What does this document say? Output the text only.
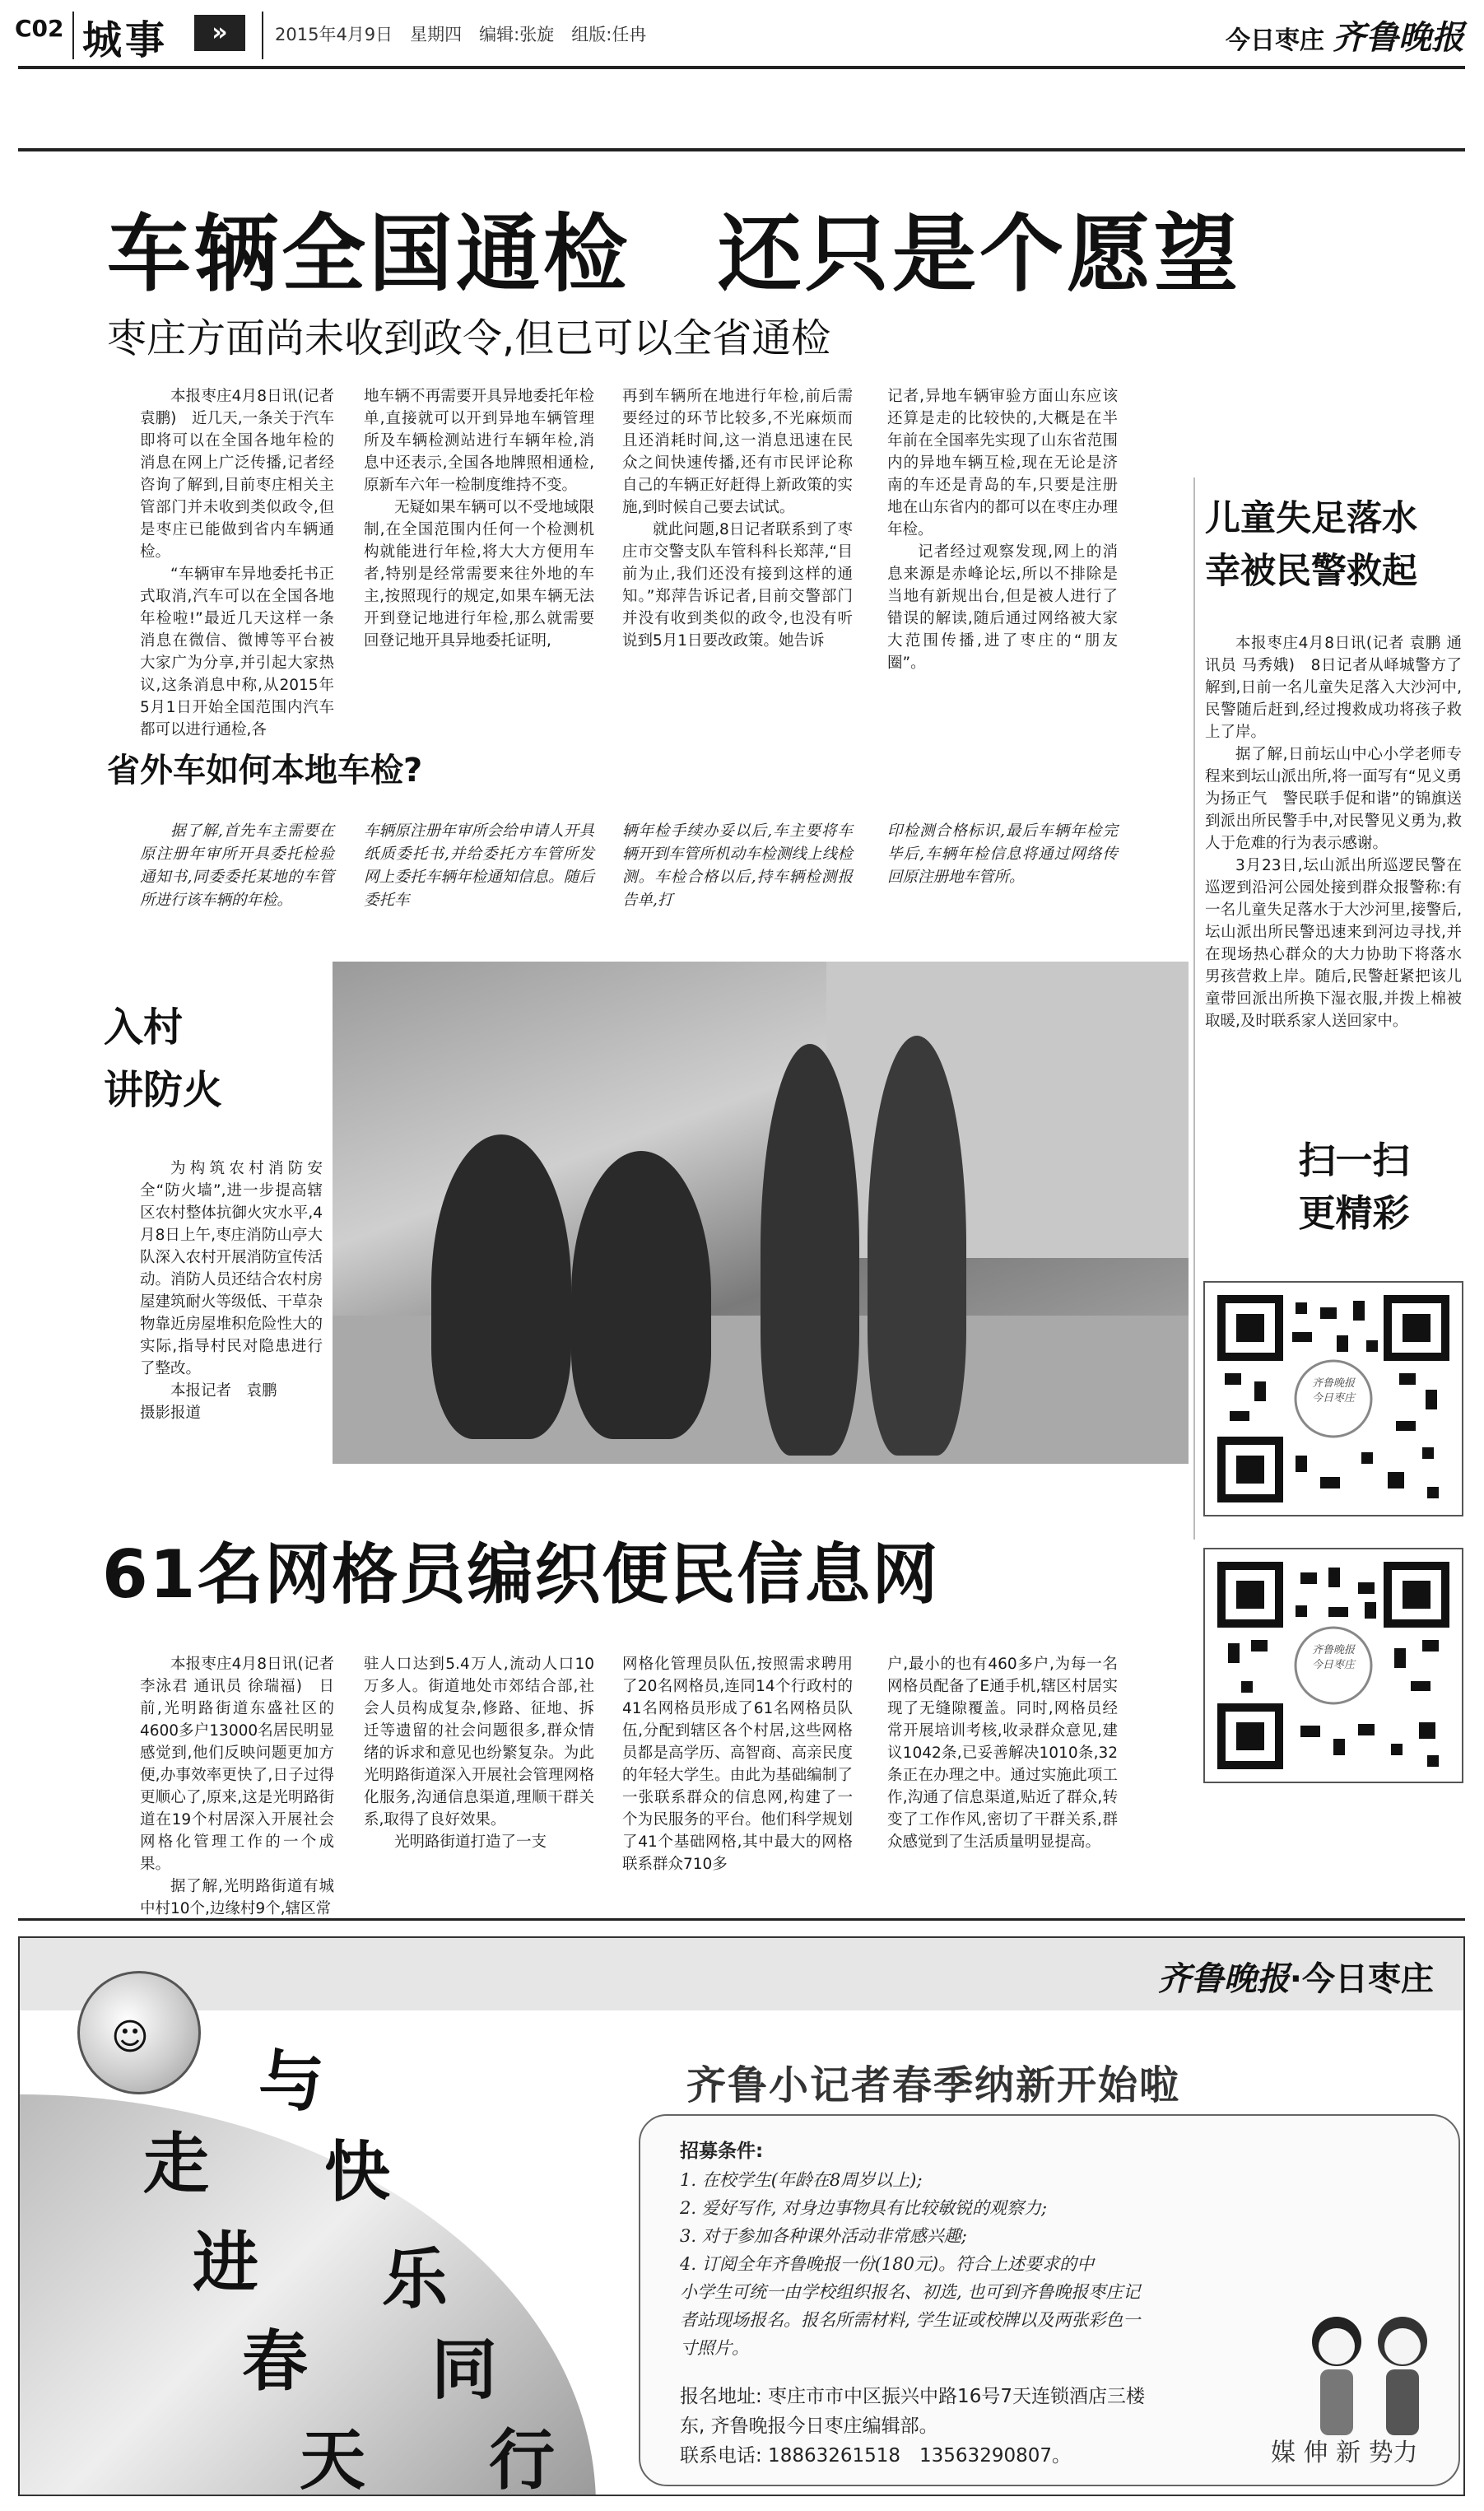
C02 城事	»	2015年4月9日　星期四　编辑:张旋　组版:任冉	今日枣庄 齐鲁晚报
车辆全国通检　还只是个愿望
枣庄方面尚未收到政令,但已可以全省通检

本报枣庄4月8日讯(记者 袁鹏)　近几天,一条关于汽车即将可以在全国各地年检的消息在网上广泛传播,记者经咨询了解到,目前枣庄相关主管部门并未收到类似政令,但是枣庄已能做到省内车辆通检。

“车辆审车异地委托书正式取消,汽车可以在全国各地年检啦!”最近几天这样一条消息在微信、微博等平台被大家广为分享,并引起大家热议,这条消息中称,从2015年5月1日开始全国范围内汽车都可以进行通检,各

地车辆不再需要开具异地委托年检单,直接就可以开到异地车辆管理所及车辆检测站进行车辆年检,消息中还表示,全国各地牌照相通检,原新车六年一检制度维持不变。

无疑如果车辆可以不受地域限制,在全国范围内任何一个检测机构就能进行年检,将大大方便用车者,特别是经常需要来往外地的车主,按照现行的规定,如果车辆无法开到登记地进行年检,那么就需要回登记地开具异地委托证明,

再到车辆所在地进行年检,前后需要经过的环节比较多,不光麻烦而且还消耗时间,这一消息迅速在民众之间快速传播,还有市民评论称自己的车辆正好赶得上新政策的实施,到时候自己要去试试。

就此问题,8日记者联系到了枣庄市交警支队车管科科长郑萍,“目前为止,我们还没有接到这样的通知。”郑萍告诉记者,目前交警部门并没有收到类似的政令,也没有听说到5月1日要改政策。她告诉

记者,异地车辆审验方面山东应该还算是走的比较快的,大概是在半年前在全国率先实现了山东省范围内的异地车辆互检,现在无论是济南的车还是青岛的车,只要是注册地在山东省内的都可以在枣庄办理年检。

记者经过观察发现,网上的消息来源是赤峰论坛,所以不排除是当地有新规出台,但是被人进行了错误的解读,随后通过网络被大家大范围传播,进了枣庄的“朋友圈”。

省外车如何本地车检?
据了解,首先车主需要在原注册年审所开具委托检验通知书,同委委托某地的车管所进行该车辆的年检。
车辆原注册年审所会给申请人开具纸质委托书,并给委托方车管所发网上委托车辆年检通知信息。随后委托车
辆年检手续办妥以后,车主要将车辆开到车管所机动车检测线上线检测。车检合格以后,持车辆检测报告单,打
印检测合格标识,最后车辆年检完毕后,车辆年检信息将通过网络传回原注册地车管所。
入村
讲防火

为构筑农村消防安全“防火墙”,进一步提高辖区农村整体抗御火灾水平,4月8日上午,枣庄消防山亭大队深入农村开展消防宣传活动。消防人员还结合农村房屋建筑耐火等级低、干草杂物靠近房屋堆积危险性大的实际,指导村民对隐患进行了整改。

本报记者　袁鹏

摄影报道

儿童失足落水
幸被民警救起

本报枣庄4月8日讯(记者 袁鹏 通讯员 马秀娥)　8日记者从峄城警方了解到,日前一名儿童失足落入大沙河中,民警随后赶到,经过搜救成功将孩子救上了岸。

据了解,日前坛山中心小学老师专程来到坛山派出所,将一面写有“见义勇为扬正气　警民联手促和谐”的锦旗送到派出所民警手中,对民警见义勇为,救人于危难的行为表示感谢。

3月23日,坛山派出所巡逻民警在巡逻到沿河公园处接到群众报警称:有一名儿童失足落水于大沙河里,接警后,坛山派出所民警迅速来到河边寻找,并在现场热心群众的大力协助下将落水男孩营救上岸。随后,民警赶紧把该儿童带回派出所换下湿衣服,并拨上棉被取暖,及时联系家人送回家中。

扫一扫
更精彩
齐鲁晚报
今日枣庄
齐鲁晚报
今日枣庄
61名网格员编织便民信息网

本报枣庄4月8日讯(记者 李泳君 通讯员 徐瑞福)　日前,光明路街道东盛社区的4600多户13000名居民明显感觉到,他们反映问题更加方便,办事效率更快了,日子过得更顺心了,原来,这是光明路街道在19个村居深入开展社会网格化管理工作的一个成果。

据了解,光明路街道有城中村10个,边缘村9个,辖区常

驻人口达到5.4万人,流动人口10万多人。街道地处市郊结合部,社会人员构成复杂,修路、征地、拆迁等遗留的社会问题很多,群众情绪的诉求和意见也纷繁复杂。为此光明路街道深入开展社会管理网格化服务,沟通信息渠道,理顺干群关系,取得了良好效果。

光明路街道打造了一支

网格化管理员队伍,按照需求聘用了20名网格员,连同14个行政村的41名网格员形成了61名网格员队伍,分配到辖区各个村居,这些网格员都是高学历、高智商、高亲民度的年轻大学生。由此为基础编制了一张联系群众的信息网,构建了一个为民服务的平台。他们科学规划了41个基础网格,其中最大的网格联系群众710多

户,最小的也有460多户,为每一名网格员配备了E通手机,辖区村居实现了无缝隙覆盖。同时,网格员经常开展培训考核,收录群众意见,建议1042条,已妥善解决1010条,32条正在办理之中。通过实施此项工作,沟通了信息渠道,贴近了群众,转变了工作作风,密切了干群关系,群众感觉到了生活质量明显提高。

☺
齐鲁晚报·今日枣庄
走
进
春
天
与
快
乐
同
行
齐鲁小记者春季纳新开始啦
招募条件:
1. 在校学生(年龄在8周岁以上);
2. 爱好写作, 对身边事物具有比较敏锐的观察力;
3. 对于参加各种课外活动非常感兴趣;
4. 订阅全年齐鲁晚报一份(180元)。符合上述要求的中
小学生可统一由学校组织报名、初选, 也可到齐鲁晚报枣庄记
者站现场报名。报名所需材料, 学生证或校牌以及两张彩色一
寸照片。
报名地址: 枣庄市市中区振兴中路16号7天连锁酒店三楼
东, 齐鲁晚报今日枣庄编辑部。
联系电话: 18863261518　13563290807。	媒 伸 新 势力
